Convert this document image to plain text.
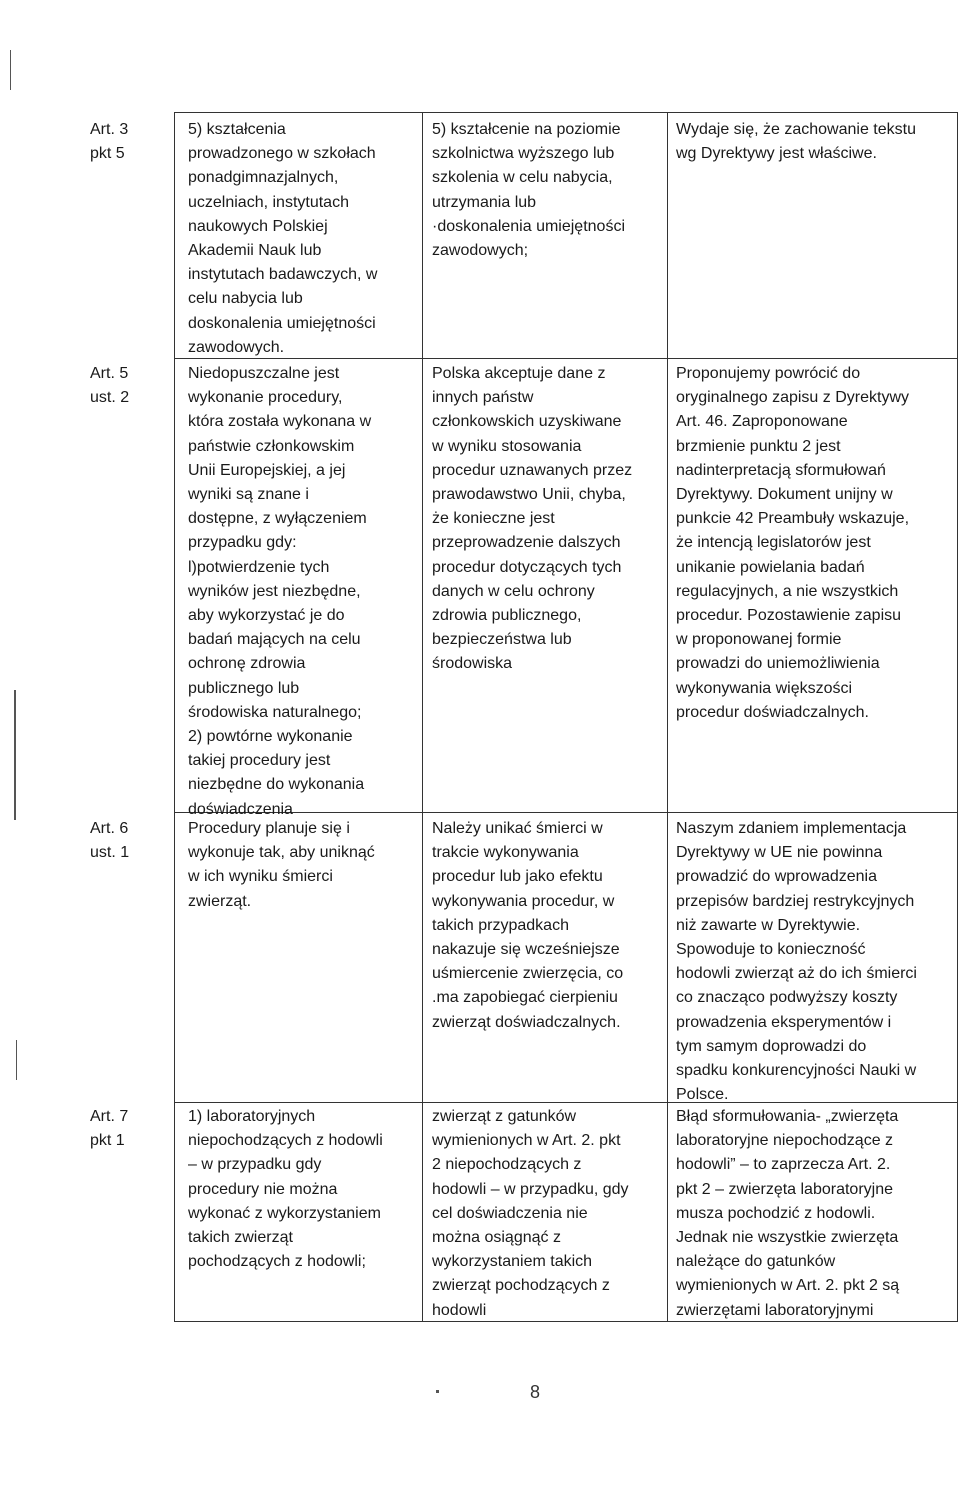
Art. 3
pkt 5
5) kształcenia
prowadzonego w szkołach
ponadgimnazjalnych,
uczelniach, instytutach
naukowych Polskiej
Akademii Nauk lub
instytutach badawczych, w
celu nabycia lub
doskonalenia umiejętności
zawodowych.
5) kształcenie na poziomie
szkolnictwa wyższego lub
szkolenia w celu nabycia,
utrzymania lub
·doskonalenia umiejętności
zawodowych;
Wydaje się, że zachowanie tekstu
wg Dyrektywy jest właściwe.
Art. 5
ust. 2
Niedopuszczalne jest
wykonanie procedury,
która została wykonana w
państwie członkowskim
Unii Europejskiej, a jej
wyniki są znane i
dostępne, z wyłączeniem
przypadku gdy:
l)potwierdzenie tych
wyników jest niezbędne,
aby wykorzystać je do
badań mających na celu
ochronę zdrowia
publicznego lub
środowiska naturalnego;
2) powtórne wykonanie
takiej procedury jest
niezbędne do wykonania
doświadczenia
Polska akceptuje dane z
innych państw
członkowskich uzyskiwane
w wyniku stosowania
procedur uznawanych przez
prawodawstwo Unii, chyba,
że konieczne jest
przeprowadzenie dalszych
procedur dotyczących tych
danych w celu ochrony
zdrowia publicznego,
bezpieczeństwa lub
środowiska
Proponujemy powrócić do
oryginalnego zapisu z Dyrektywy
Art. 46. Zaproponowane
brzmienie punktu 2 jest
nadinterpretacją sformułowań
Dyrektywy. Dokument unijny w
punkcie 42 Preambuły wskazuje,
że intencją legislatorów jest
unikanie powielania badań
regulacyjnych, a nie wszystkich
procedur. Pozostawienie zapisu
w proponowanej formie
prowadzi do uniemożliwienia
wykonywania większości
procedur doświadczalnych.
Art. 6
ust. 1
Procedury planuje się i
wykonuje tak, aby uniknąć
w ich wyniku śmierci
zwierząt.
Należy unikać śmierci w
trakcie wykonywania
procedur lub jako efektu
wykonywania procedur, w
takich przypadkach
nakazuje się wcześniejsze
uśmiercenie zwierzęcia, co
.ma zapobiegać cierpieniu
zwierząt doświadczalnych.
Naszym zdaniem implementacja
Dyrektywy w UE nie powinna
prowadzić do wprowadzenia
przepisów bardziej restrykcyjnych
niż zawarte w Dyrektywie.
Spowoduje to konieczność
hodowli zwierząt aż do ich śmierci
co znacząco podwyższy koszty
prowadzenia eksperymentów i
tym samym doprowadzi do
spadku konkurencyjności Nauki w
Polsce.
Art. 7
pkt 1
1) laboratoryjnych
niepochodzących z hodowli
– w przypadku gdy
procedury nie można
wykonać z wykorzystaniem
takich zwierząt
pochodzących z hodowli;
zwierząt z gatunków
wymienionych w Art. 2. pkt
2 niepochodzących z
hodowli – w przypadku, gdy
cel doświadczenia nie
można osiągnąć z
wykorzystaniem takich
zwierząt pochodzących z
hodowli
Błąd sformułowania- „zwierzęta
laboratoryjne niepochodzące z
hodowli” – to zaprzecza Art. 2.
pkt 2 – zwierzęta laboratoryjne
musza pochodzić z hodowli.
Jednak nie wszystkie zwierzęta
należące do gatunków
wymienionych w Art. 2. pkt 2 są
zwierzętami laboratoryjnymi
8
